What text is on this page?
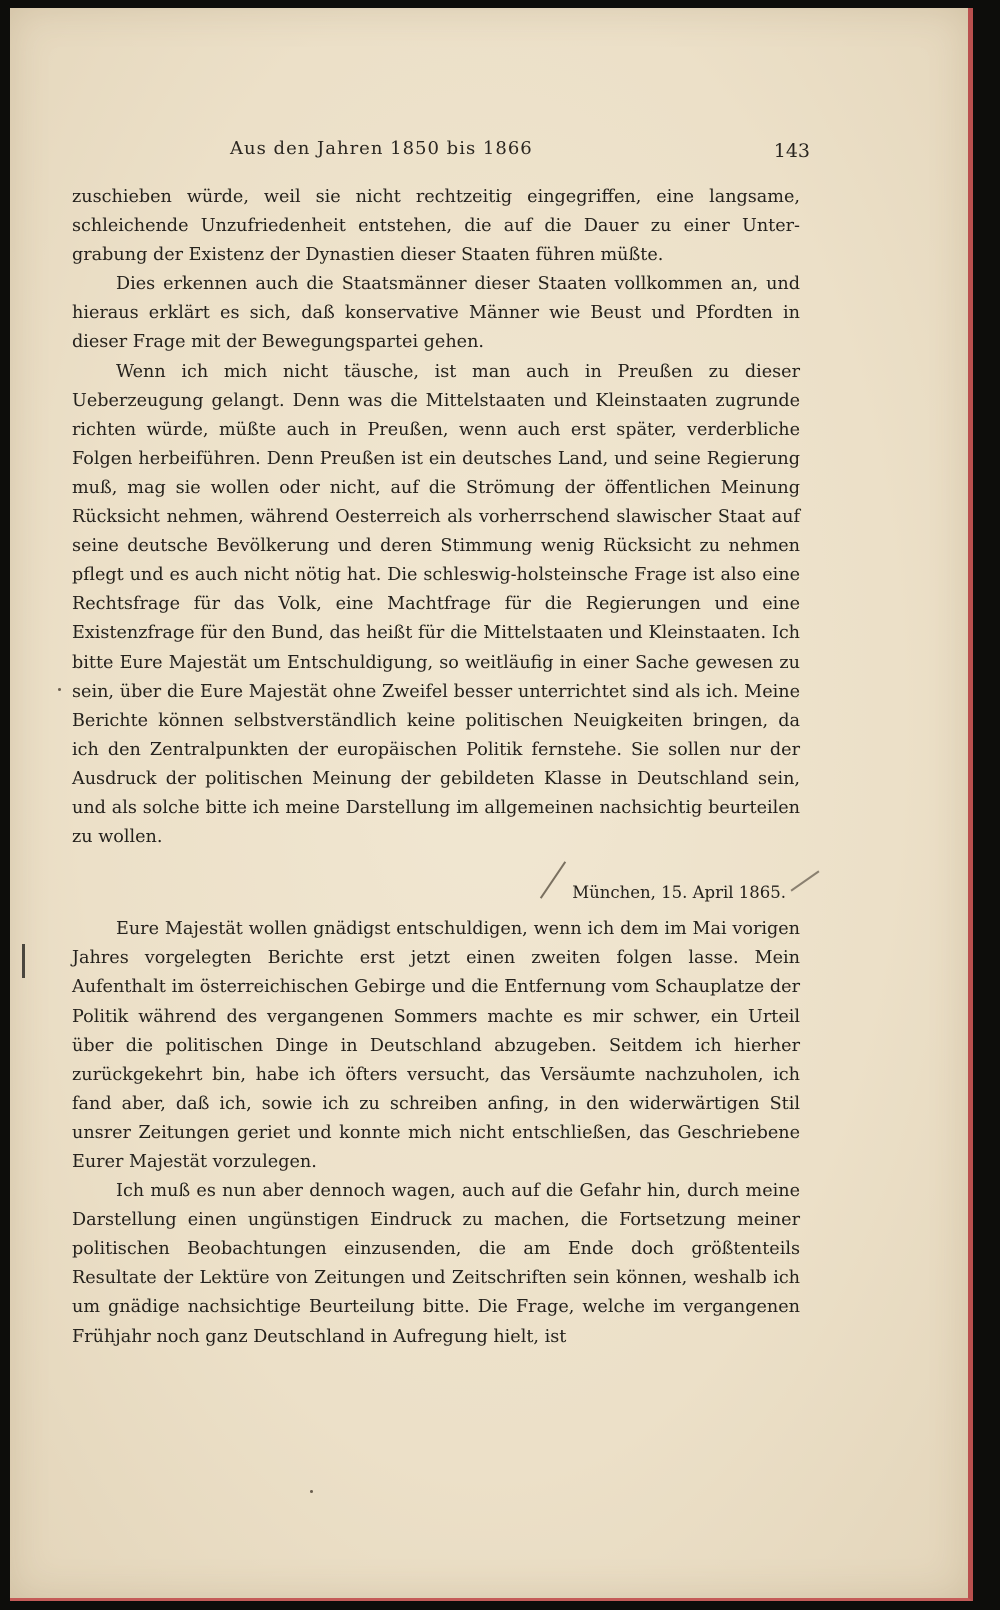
Aus den Jahren 1850 bis 1866	143

zuschieben würde, weil sie nicht rechtzeitig eingegriffen, eine langsame, schleichende Unzufriedenheit entstehen, die auf die Dauer zu einer Untergrabung der Existenz der Dynastien dieser Staaten führen müßte.

Dies erkennen auch die Staatsmänner dieser Staaten vollkommen an, und hieraus erklärt es sich, daß konservative Männer wie Beust und Pfordten in dieser Frage mit der Bewegungspartei gehen.

Wenn ich mich nicht täusche, ist man auch in Preußen zu dieser Ueberzeugung gelangt. Denn was die Mittelstaaten und Kleinstaaten zugrunde richten würde, müßte auch in Preußen, wenn auch erst später, verderbliche Folgen herbeiführen. Denn Preußen ist ein deutsches Land, und seine Regierung muß, mag sie wollen oder nicht, auf die Strömung der öffentlichen Meinung Rücksicht nehmen, während Oesterreich als vorherrschend slawischer Staat auf seine deutsche Bevölkerung und deren Stimmung wenig Rücksicht zu nehmen pflegt und es auch nicht nötig hat. Die schleswig-holsteinsche Frage ist also eine Rechtsfrage für das Volk, eine Machtfrage für die Regierungen und eine Existenzfrage für den Bund, das heißt für die Mittelstaaten und Kleinstaaten. Ich bitte Eure Majestät um Entschuldigung, so weitläufig in einer Sache gewesen zu sein, über die Eure Majestät ohne Zweifel besser unterrichtet sind als ich. Meine Berichte können selbstverständlich keine politischen Neuigkeiten bringen, da ich den Zentralpunkten der europäischen Politik fernstehe. Sie sollen nur der Ausdruck der politischen Meinung der gebildeten Klasse in Deutschland sein, und als solche bitte ich meine Darstellung im allgemeinen nachsichtig beurteilen zu wollen.

München, 15. April 1865.

Eure Majestät wollen gnädigst entschuldigen, wenn ich dem im Mai vorigen Jahres vorgelegten Berichte erst jetzt einen zweiten folgen lasse. Mein Aufenthalt im österreichischen Gebirge und die Entfernung vom Schauplatze der Politik während des vergangenen Sommers machte es mir schwer, ein Urteil über die politischen Dinge in Deutschland abzugeben. Seitdem ich hierher zurückgekehrt bin, habe ich öfters versucht, das Versäumte nachzuholen, ich fand aber, daß ich, sowie ich zu schreiben anfing, in den widerwärtigen Stil unsrer Zeitungen geriet und konnte mich nicht entschließen, das Geschriebene Eurer Majestät vorzulegen.

Ich muß es nun aber dennoch wagen, auch auf die Gefahr hin, durch meine Darstellung einen ungünstigen Eindruck zu machen, die Fortsetzung meiner politischen Beobachtungen einzusenden, die am Ende doch größtenteils Resultate der Lektüre von Zeitungen und Zeitschriften sein können, weshalb ich um gnädige nachsichtige Beurteilung bitte. Die Frage, welche im vergangenen Frühjahr noch ganz Deutschland in Aufregung hielt, ist
